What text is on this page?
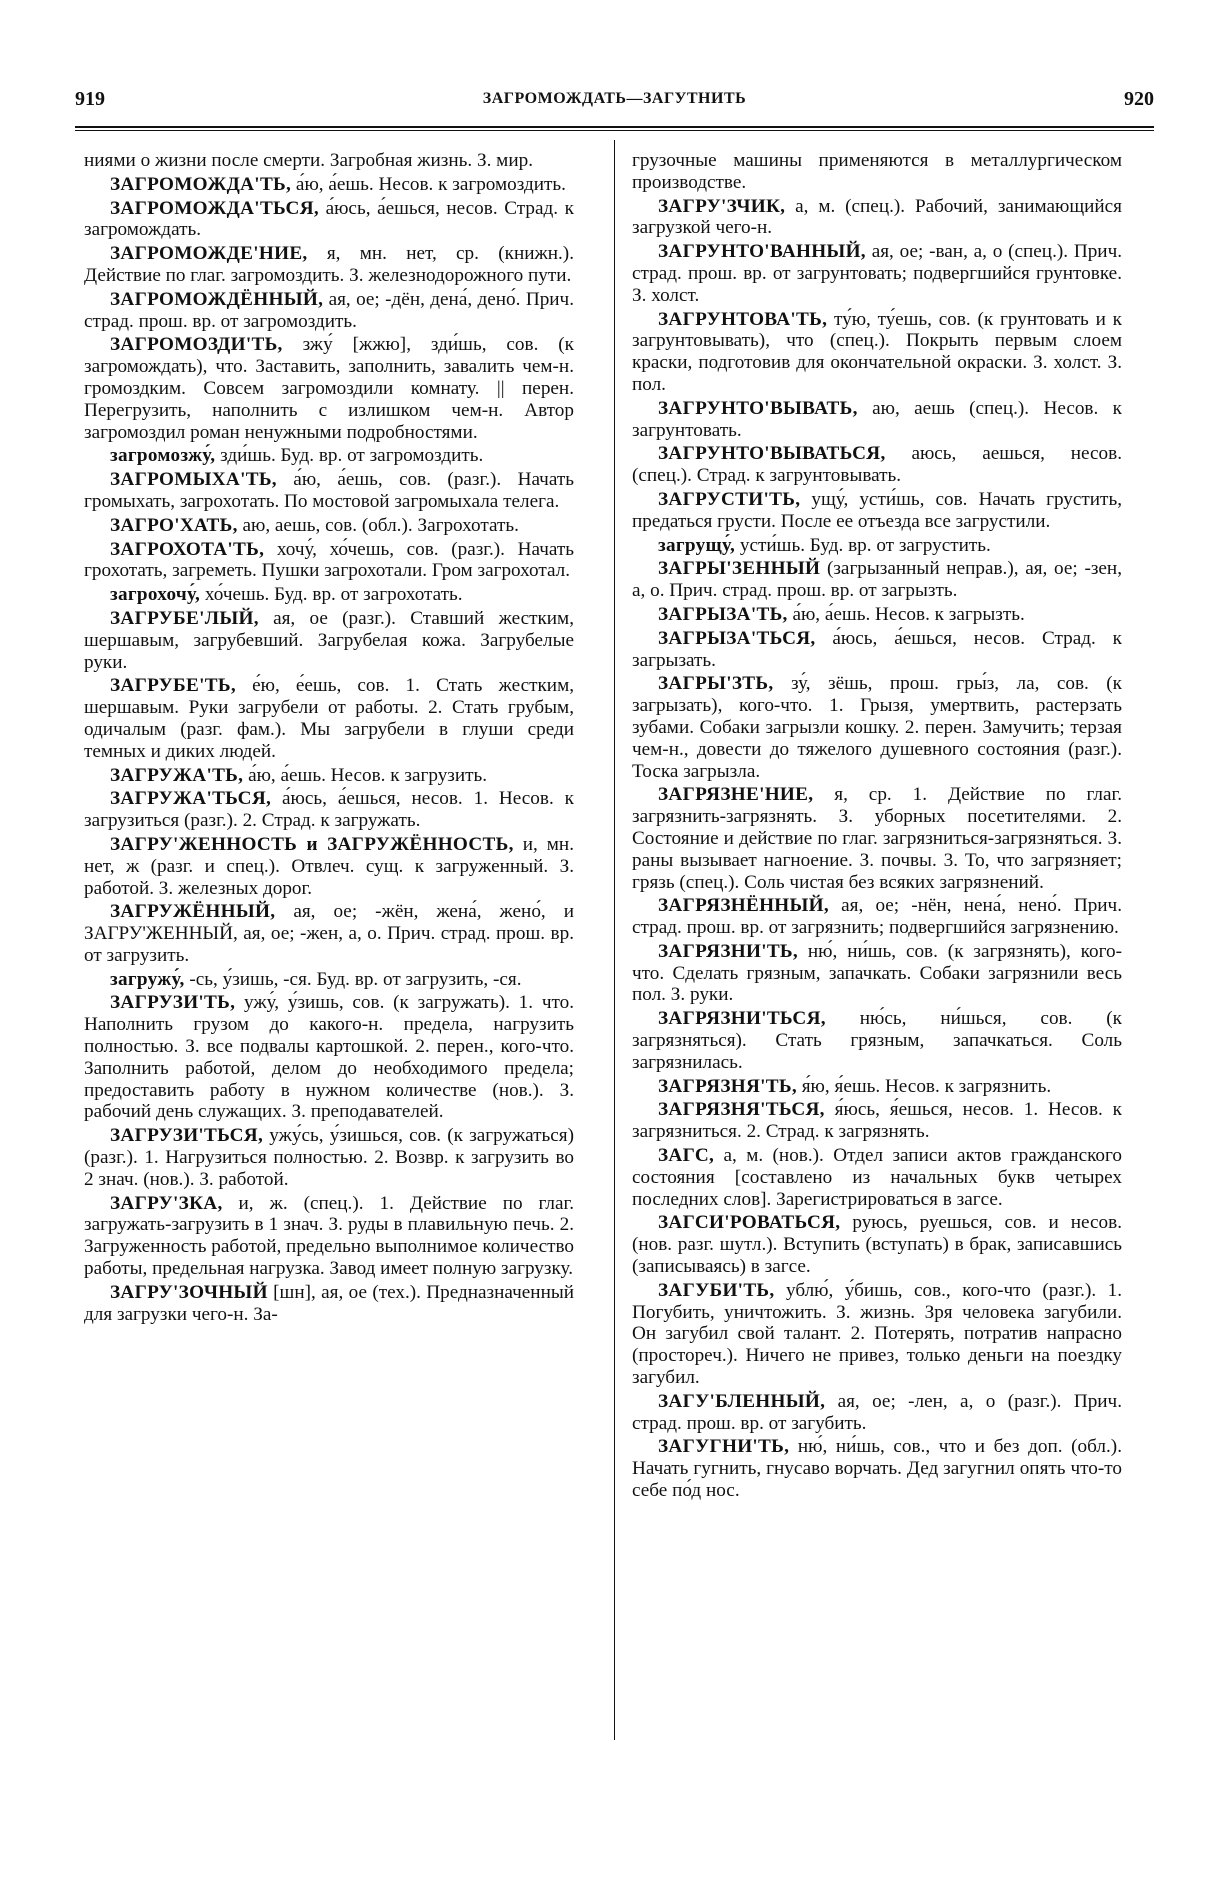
919	ЗАГРОМОЖДАТЬ—ЗАГУТНИТЬ	920

ниями о жизни после смерти. Загробная жизнь. З. мир.

ЗАГРОМОЖДА'ТЬ, а́ю, а́ешь. Несов. к загромоздить.

ЗАГРОМОЖДА'ТЬСЯ, а́юсь, а́ешься, несов. Страд. к загромождать.

ЗАГРОМОЖДЕ'НИЕ, я, мн. нет, ср. (книжн.). Действие по глаг. загромоздить. З. железнодорожного пути.

ЗАГРОМОЖДЁННЫЙ, ая, ое; -дён, дена́, дено́. Прич. страд. прош. вр. от загромоздить.

ЗАГРОМОЗДИ'ТЬ, зжу́ [жжю], зди́шь, сов. (к загромождать), что. Заставить, заполнить, завалить чем-н. громоздким. Совсем загромоздили комнату. || перен. Перегрузить, наполнить с излишком чем-н. Автор загромоздил роман ненужными подробностями.

загромозжу́, зди́шь. Буд. вр. от загромоздить.

ЗАГРОМЫХА'ТЬ, а́ю, а́ешь, сов. (разг.). Начать громыхать, загрохотать. По мостовой загромыхала телега.

ЗАГРО'ХАТЬ, аю, аешь, сов. (обл.). Загрохотать.

ЗАГРОХОТА'ТЬ, хочу́, хо́чешь, сов. (разг.). Начать грохотать, загреметь. Пушки загрохотали. Гром загрохотал.

загрохочу́, хо́чешь. Буд. вр. от загрохотать.

ЗАГРУБЕ'ЛЫЙ, ая, ое (разг.). Ставший жестким, шершавым, загрубевший. Загрубелая кожа. Загрубелые руки.

ЗАГРУБЕ'ТЬ, е́ю, е́ешь, сов. 1. Стать жестким, шершавым. Руки загрубели от работы. 2. Стать грубым, одичалым (разг. фам.). Мы загрубели в глуши среди темных и диких людей.

ЗАГРУЖА'ТЬ, а́ю, а́ешь. Несов. к загрузить.

ЗАГРУЖА'ТЬСЯ, а́юсь, а́ешься, несов. 1. Несов. к загрузиться (разг.). 2. Страд. к загружать.

ЗАГРУ'ЖЕННОСТЬ и ЗАГРУЖЁННОСТЬ, и, мн. нет, ж (разг. и спец.). Отвлеч. сущ. к загруженный. З. работой. З. железных дорог.

ЗАГРУЖЁННЫЙ, ая, ое; -жён, жена́, жено́, и ЗАГРУ'ЖЕННЫЙ, ая, ое; -жен, а, о. Прич. страд. прош. вр. от загрузить.

загружу́, -сь, у́зишь, -ся. Буд. вр. от загрузить, -ся.

ЗАГРУЗИ'ТЬ, ужу́, у́зишь, сов. (к загружать). 1. что. Наполнить грузом до какого-н. предела, нагрузить полностью. З. все подвалы картошкой. 2. перен., кого-что. Заполнить работой, делом до необходимого предела; предоставить работу в нужном количестве (нов.). З. рабочий день служащих. З. преподавателей.

ЗАГРУЗИ'ТЬСЯ, ужу́сь, у́зишься, сов. (к загружаться) (разг.). 1. Нагрузиться полностью. 2. Возвр. к загрузить во 2 знач. (нов.). З. работой.

ЗАГРУ'ЗКА, и, ж. (спец.). 1. Действие по глаг. загружать-загрузить в 1 знач. З. руды в плавильную печь. 2. Загруженность работой, предельно выполнимое количество работы, предельная нагрузка. Завод имеет полную загрузку.

ЗАГРУ'ЗОЧНЫЙ [шн], ая, ое (тех.). Предназначенный для загрузки чего-н. За-

грузочные машины применяются в металлургическом производстве.

ЗАГРУ'ЗЧИК, а, м. (спец.). Рабочий, занимающийся загрузкой чего-н.

ЗАГРУНТО'ВАННЫЙ, ая, ое; -ван, а, о (спец.). Прич. страд. прош. вр. от загрунтовать; подвергшийся грунтовке. З. холст.

ЗАГРУНТОВА'ТЬ, ту́ю, ту́ешь, сов. (к грунтовать и к загрунтовывать), что (спец.). Покрыть первым слоем краски, подготовив для окончательной окраски. З. холст. З. пол.

ЗАГРУНТО'ВЫВАТЬ, аю, аешь (спец.). Несов. к загрунтовать.

ЗАГРУНТО'ВЫВАТЬСЯ, аюсь, аешься, несов. (спец.). Страд. к загрунтовывать.

ЗАГРУСТИ'ТЬ, ущу́, усти́шь, сов. Начать грустить, предаться грусти. После ее отъезда все загрустили.

загрущу́, усти́шь. Буд. вр. от загрустить.

ЗАГРЫ'ЗЕННЫЙ (загрызанный неправ.), ая, ое; -зен, а, о. Прич. страд. прош. вр. от загрызть.

ЗАГРЫЗА'ТЬ, а́ю, а́ешь. Несов. к загрызть.

ЗАГРЫЗА'ТЬСЯ, а́юсь, а́ешься, несов. Страд. к загрызать.

ЗАГРЫ'ЗТЬ, зу́, зёшь, прош. гры́з, ла, сов. (к загрызать), кого-что. 1. Грызя, умертвить, растерзать зубами. Собаки загрызли кошку. 2. перен. Замучить; терзая чем-н., довести до тяжелого душевного состояния (разг.). Тоска загрызла.

ЗАГРЯЗНЕ'НИЕ, я, ср. 1. Действие по глаг. загрязнить-загрязнять. З. уборных посетителями. 2. Состояние и действие по глаг. загрязниться-загрязняться. З. раны вызывает нагноение. З. почвы. 3. То, что загрязняет; грязь (спец.). Соль чистая без всяких загрязнений.

ЗАГРЯЗНЁННЫЙ, ая, ое; -нён, нена́, нено́. Прич. страд. прош. вр. от загрязнить; подвергшийся загрязнению.

ЗАГРЯЗНИ'ТЬ, ню́, ни́шь, сов. (к загрязнять), кого-что. Сделать грязным, запачкать. Собаки загрязнили весь пол. З. руки.

ЗАГРЯЗНИ'ТЬСЯ, ню́сь, ни́шься, сов. (к загрязняться). Стать грязным, запачкаться. Соль загрязнилась.

ЗАГРЯЗНЯ'ТЬ, я́ю, я́ешь. Несов. к загрязнить.

ЗАГРЯЗНЯ'ТЬСЯ, я́юсь, я́ешься, несов. 1. Несов. к загрязниться. 2. Страд. к загрязнять.

ЗАГС, а, м. (нов.). Отдел записи актов гражданского состояния [составлено из начальных букв четырех последних слов]. Зарегистрироваться в загсе.

ЗАГСИ'РОВАТЬСЯ, руюсь, руешься, сов. и несов. (нов. разг. шутл.). Вступить (вступать) в брак, записавшись (записываясь) в загсе.

ЗАГУБИ'ТЬ, ублю́, у́бишь, сов., кого-что (разг.). 1. Погубить, уничтожить. З. жизнь. Зря человека загубили. Он загубил свой талант. 2. Потерять, потратив напрасно (простореч.). Ничего не привез, только деньги на поездку загубил.

ЗАГУ'БЛЕННЫЙ, ая, ое; -лен, а, о (разг.). Прич. страд. прош. вр. от загубить.

ЗАГУГНИ'ТЬ, ню́, ни́шь, сов., что и без доп. (обл.). Начать гугнить, гнусаво ворчать. Дед загугнил опять что-то себе по́д нос.
